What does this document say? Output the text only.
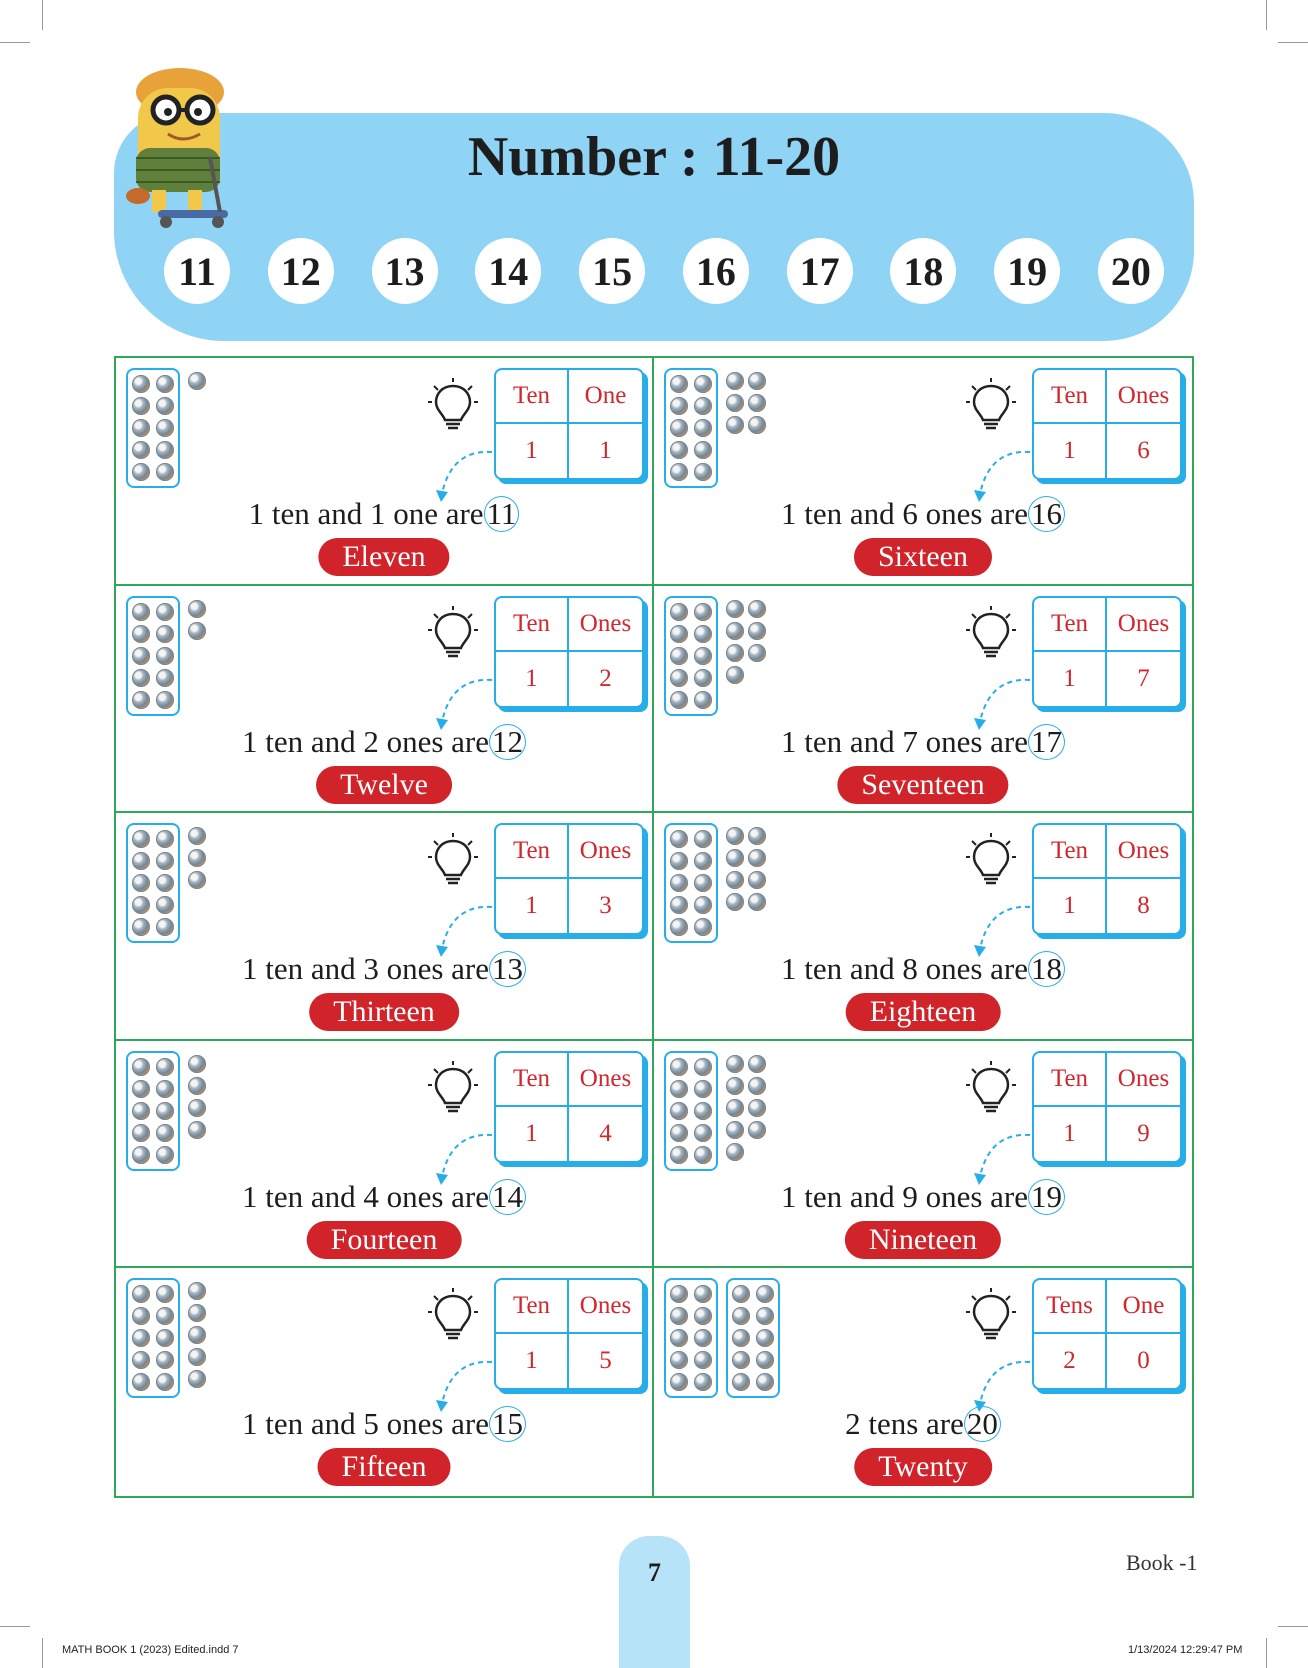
Number : 11-20
11	12	13	14	15	16	17	18	19	20
Ten	One
1	1
1 ten and 1 one are11
Eleven
Ten	Ones
1	6
1 ten and 6 ones are16
Sixteen
Ten	Ones
1	2
1 ten and 2 ones are12
Twelve
Ten	Ones
1	7
1 ten and 7 ones are17
Seventeen
Ten	Ones
1	3
1 ten and 3 ones are13
Thirteen
Ten	Ones
1	8
1 ten and 8 ones are18
Eighteen
Ten	Ones
1	4
1 ten and 4 ones are14
Fourteen
Ten	Ones
1	9
1 ten and 9 ones are19
Nineteen
Ten	Ones
1	5
1 ten and 5 ones are15
Fifteen
Tens	One
2	0
2 tens are20
Twenty
7	Book -1
MATH BOOK 1 (2023) Edited.indd 7	1/13/2024 12:29:47 PM
